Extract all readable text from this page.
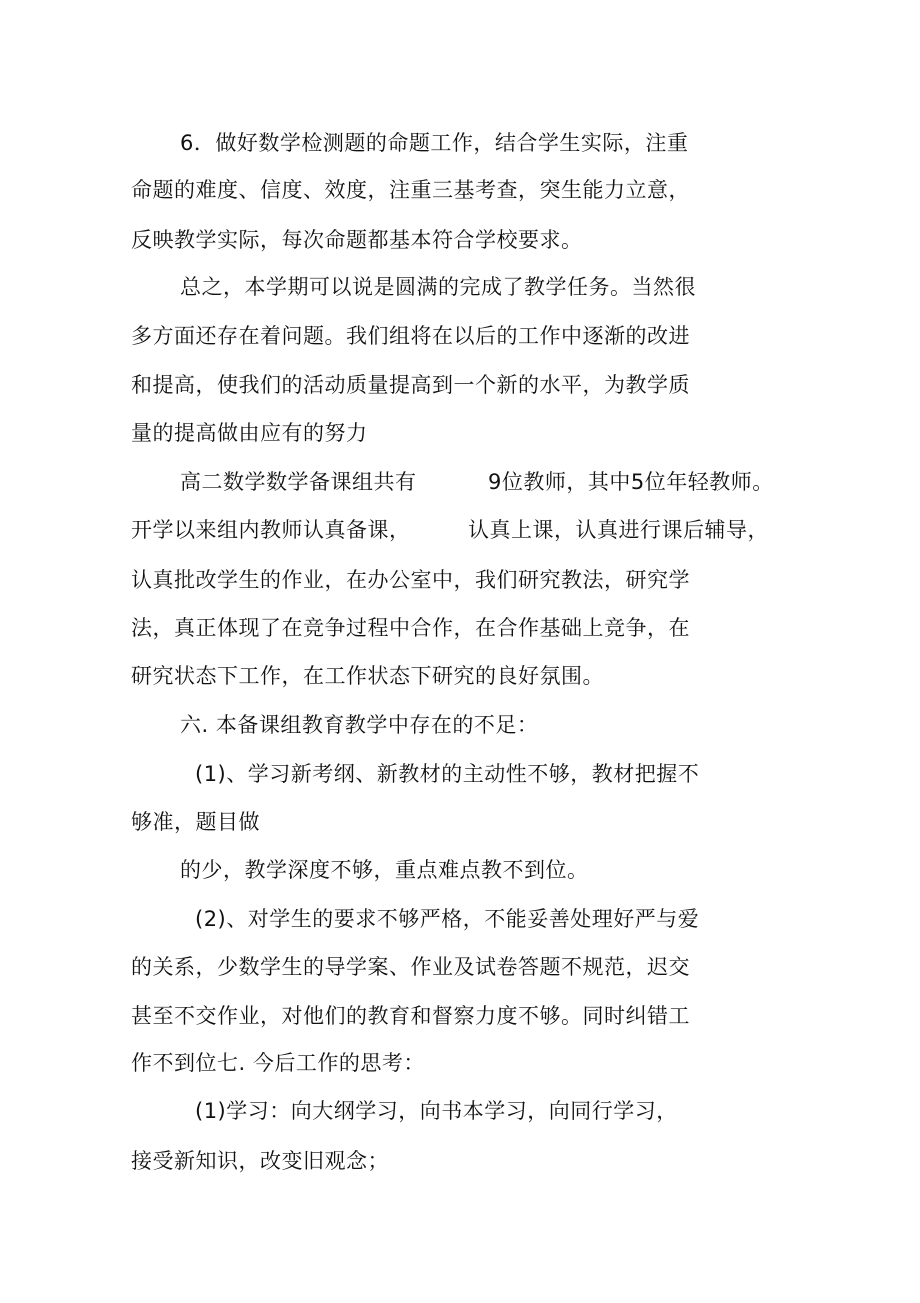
6．做好数学检测题的命题工作，结合学生实际，注重
命题的难度、信度、效度，注重三基考查，突生能力立意，
反映教学实际，每次命题都基本符合学校要求。
总之，本学期可以说是圆满的完成了教学任务。当然很
多方面还存在着问题。我们组将在以后的工作中逐渐的改进
和提高，使我们的活动质量提高到一个新的水平，为教学质
量的提高做由应有的努力
高二数学数学备课组共有	9位教师，其中5位年轻教师。
开学以来组内教师认真备课，	认真上课，认真进行课后辅导，
认真批改学生的作业，在办公室中，我们研究教法，研究学
法，真正体现了在竞争过程中合作，在合作基础上竞争，在
研究状态下工作，在工作状态下研究的良好氛围。
六. 本备课组教育教学中存在的不足：
(1)、学习新考纲、新教材的主动性不够，教材把握不
够准，题目做
的少，教学深度不够，重点难点教不到位。
(2)、对学生的要求不够严格，不能妥善处理好严与爱
的关系，少数学生的导学案、作业及试卷答题不规范，迟交
甚至不交作业，对他们的教育和督察力度不够。同时纠错工
作不到位七. 今后工作的思考：
(1)学习：向大纲学习，向书本学习，向同行学习，
接受新知识，改变旧观念；
